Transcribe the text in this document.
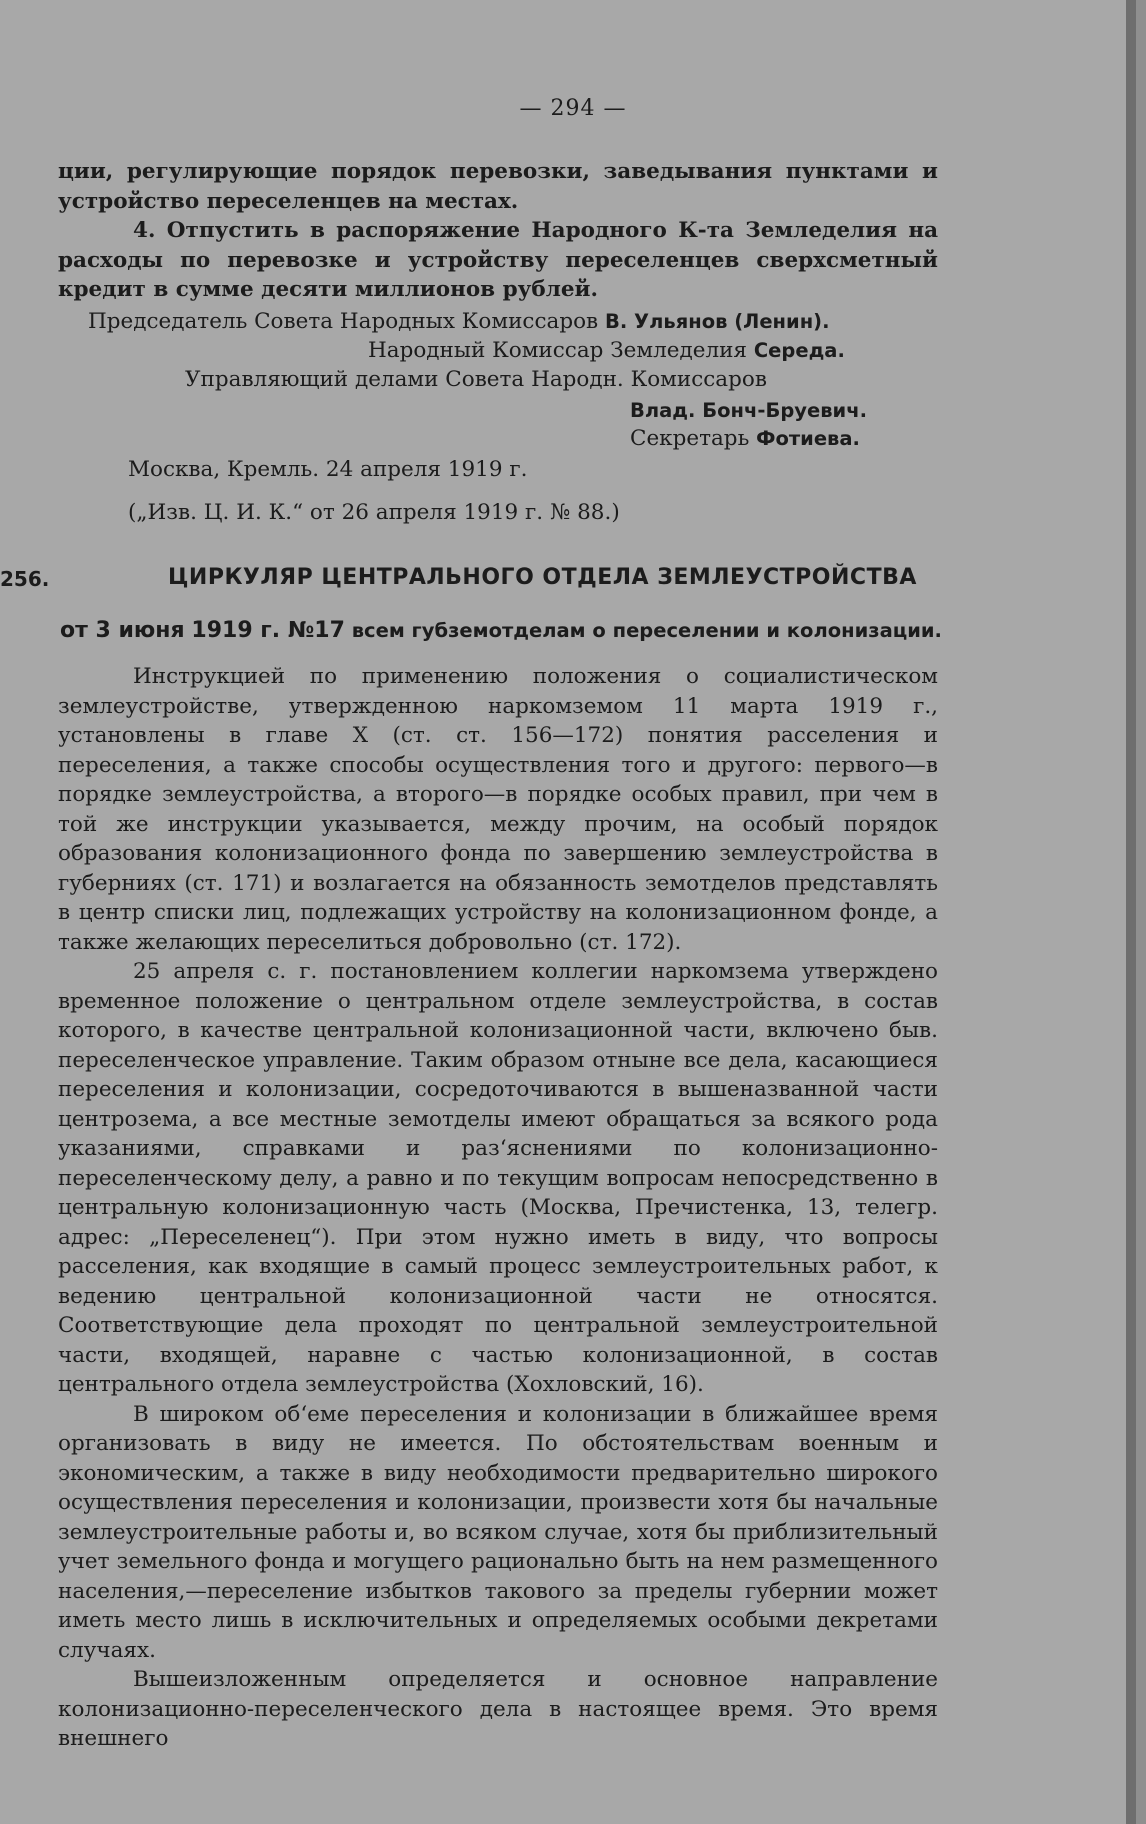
— 294 —

ции, регулирующие порядок перевозки, заведывания пунктами и устройство переселенцев на местах.

4. Отпустить в распоряжение Народного К-та Земледелия на расходы по перевозке и устройству переселенцев сверхсметный кредит в сумме десяти миллионов рублей.

Председатель Совета Народных Комиссаров В. Ульянов (Ленин).
Народный Комиссар Земледелия Середа.
Управляющий делами Совета Народн. Комиссаров
Влад. Бонч-Бруевич.
Секретарь Фотиева.
Москва, Кремль. 24 апреля 1919 г.
(„Изв. Ц. И. К.“ от 26 апреля 1919 г. № 88.)
256.	ЦИРКУЛЯР ЦЕНТРАЛЬНОГО ОТДЕЛА ЗЕМЛЕУСТРОЙСТВА
от 3 июня 1919 г. №17 всем губземотделам о переселении и колонизации.

Инструкцией по применению положения о социалистическом землеустройстве, утвержденною наркомземом 11 марта 1919 г., установлены в главе X (ст. ст. 156—172) понятия расселения и переселения, а также способы осуществления того и другого: первого—в порядке землеустройства, а второго—в порядке особых правил, при чем в той же инструкции указывается, между прочим, на особый порядок образования колонизационного фонда по завершению землеустройства в губерниях (ст. 171) и возлагается на обязанность земотделов представлять в центр списки лиц, подлежащих устройству на колонизационном фонде, а также желающих переселиться добровольно (ст. 172).

25 апреля с. г. постановлением коллегии наркомзема утверждено временное положение о центральном отделе землеустройства, в состав которого, в качестве центральной колонизационной части, включено быв. переселенческое управление. Таким образом отныне все дела, касающиеся переселения и колонизации, сосредоточиваются в вышеназванной части центрозема, а все местные земотделы имеют обращаться за всякого рода указаниями, справками и раз‘яснениями по колонизационно-переселенческому делу, а равно и по текущим вопросам непосредственно в центральную колонизационную часть (Москва, Пречистенка, 13, телегр. адрес: „Переселенец“). При этом нужно иметь в виду, что вопросы расселения, как входящие в самый процесс землеустроительных работ, к ведению центральной колонизационной части не относятся. Соответствующие дела проходят по центральной землеустроительной части, входящей, наравне с частью колонизационной, в состав центрального отдела землеустройства (Хохловский, 16).

В широком об‘еме переселения и колонизации в ближайшее время организовать в виду не имеется. По обстоятельствам военным и экономическим, а также в виду необходимости предварительно широкого осуществления переселения и колонизации, произвести хотя бы начальные землеустроительные работы и, во всяком случае, хотя бы приблизительный учет земельного фонда и могущего рационально быть на нем размещенного населения,—переселение избытков такового за пределы губернии может иметь место лишь в исключительных и определяемых особыми декретами случаях.

Вышеизложенным определяется и основное направление колонизационно-переселенческого дела в настоящее время. Это время внешнего
